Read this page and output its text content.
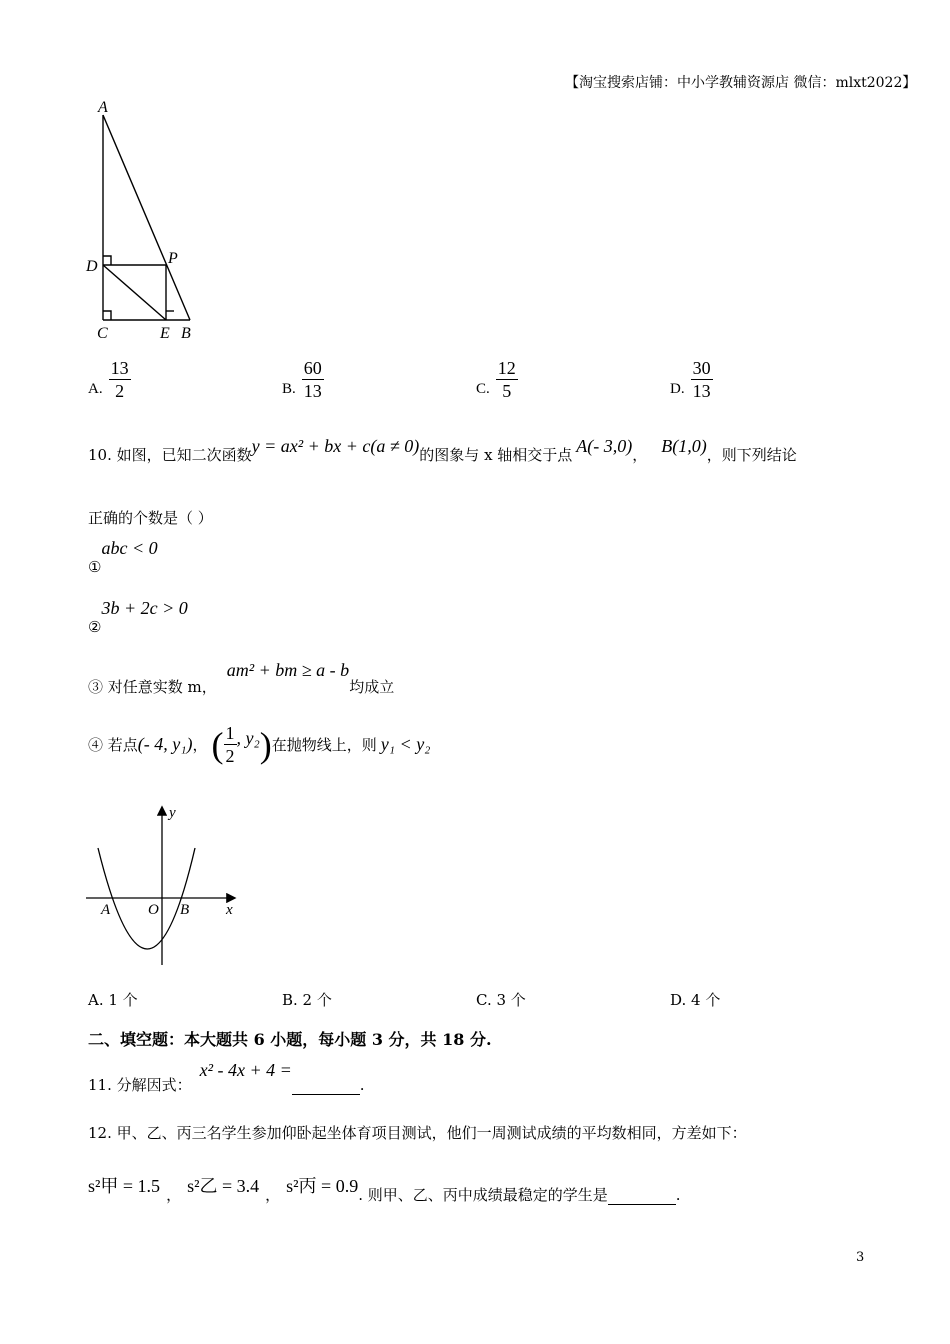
【淘宝搜索店铺：中小学教辅资源店 微信：mlxt2022】
A
D	P
C	E B
A. $\frac{13}{2}$	B. $\frac{60}{13}$	C. $\frac{12}{5}$	D. $\frac{30}{13}$
10. 如图，已知二次函数y = ax² + bx + c(a ≠ 0)的图象与 x 轴相交于点 A(- 3,0)， B(1,0)，则下列结论
正确的个数是（ ）
①abc < 0
②3b + 2c > 0
③ 对任意实数 m，am² + bm ≥ a - b均成立
④ 若点 (- 4, y₁) ， ( $\frac{1}{2}$ , y₂ ) 在抛物线上，则 y₁ < y₂
y
x
A	O B
A. 1 个	B. 2 个	C. 3 个	D. 4 个
二、填空题：本大题共 6 小题，每小题 3 分，共 18 分.
11. 分解因式：x² - 4x + 4 = .
12. 甲、乙、丙三名学生参加仰卧起坐体育项目测试，他们一周测试成绩的平均数相同，方差如下：
s²甲 = 1.5 ， s²乙 = 3.4 ， s²丙 = 0.9. 则甲、乙、丙中成绩最稳定的学生是	.
3
